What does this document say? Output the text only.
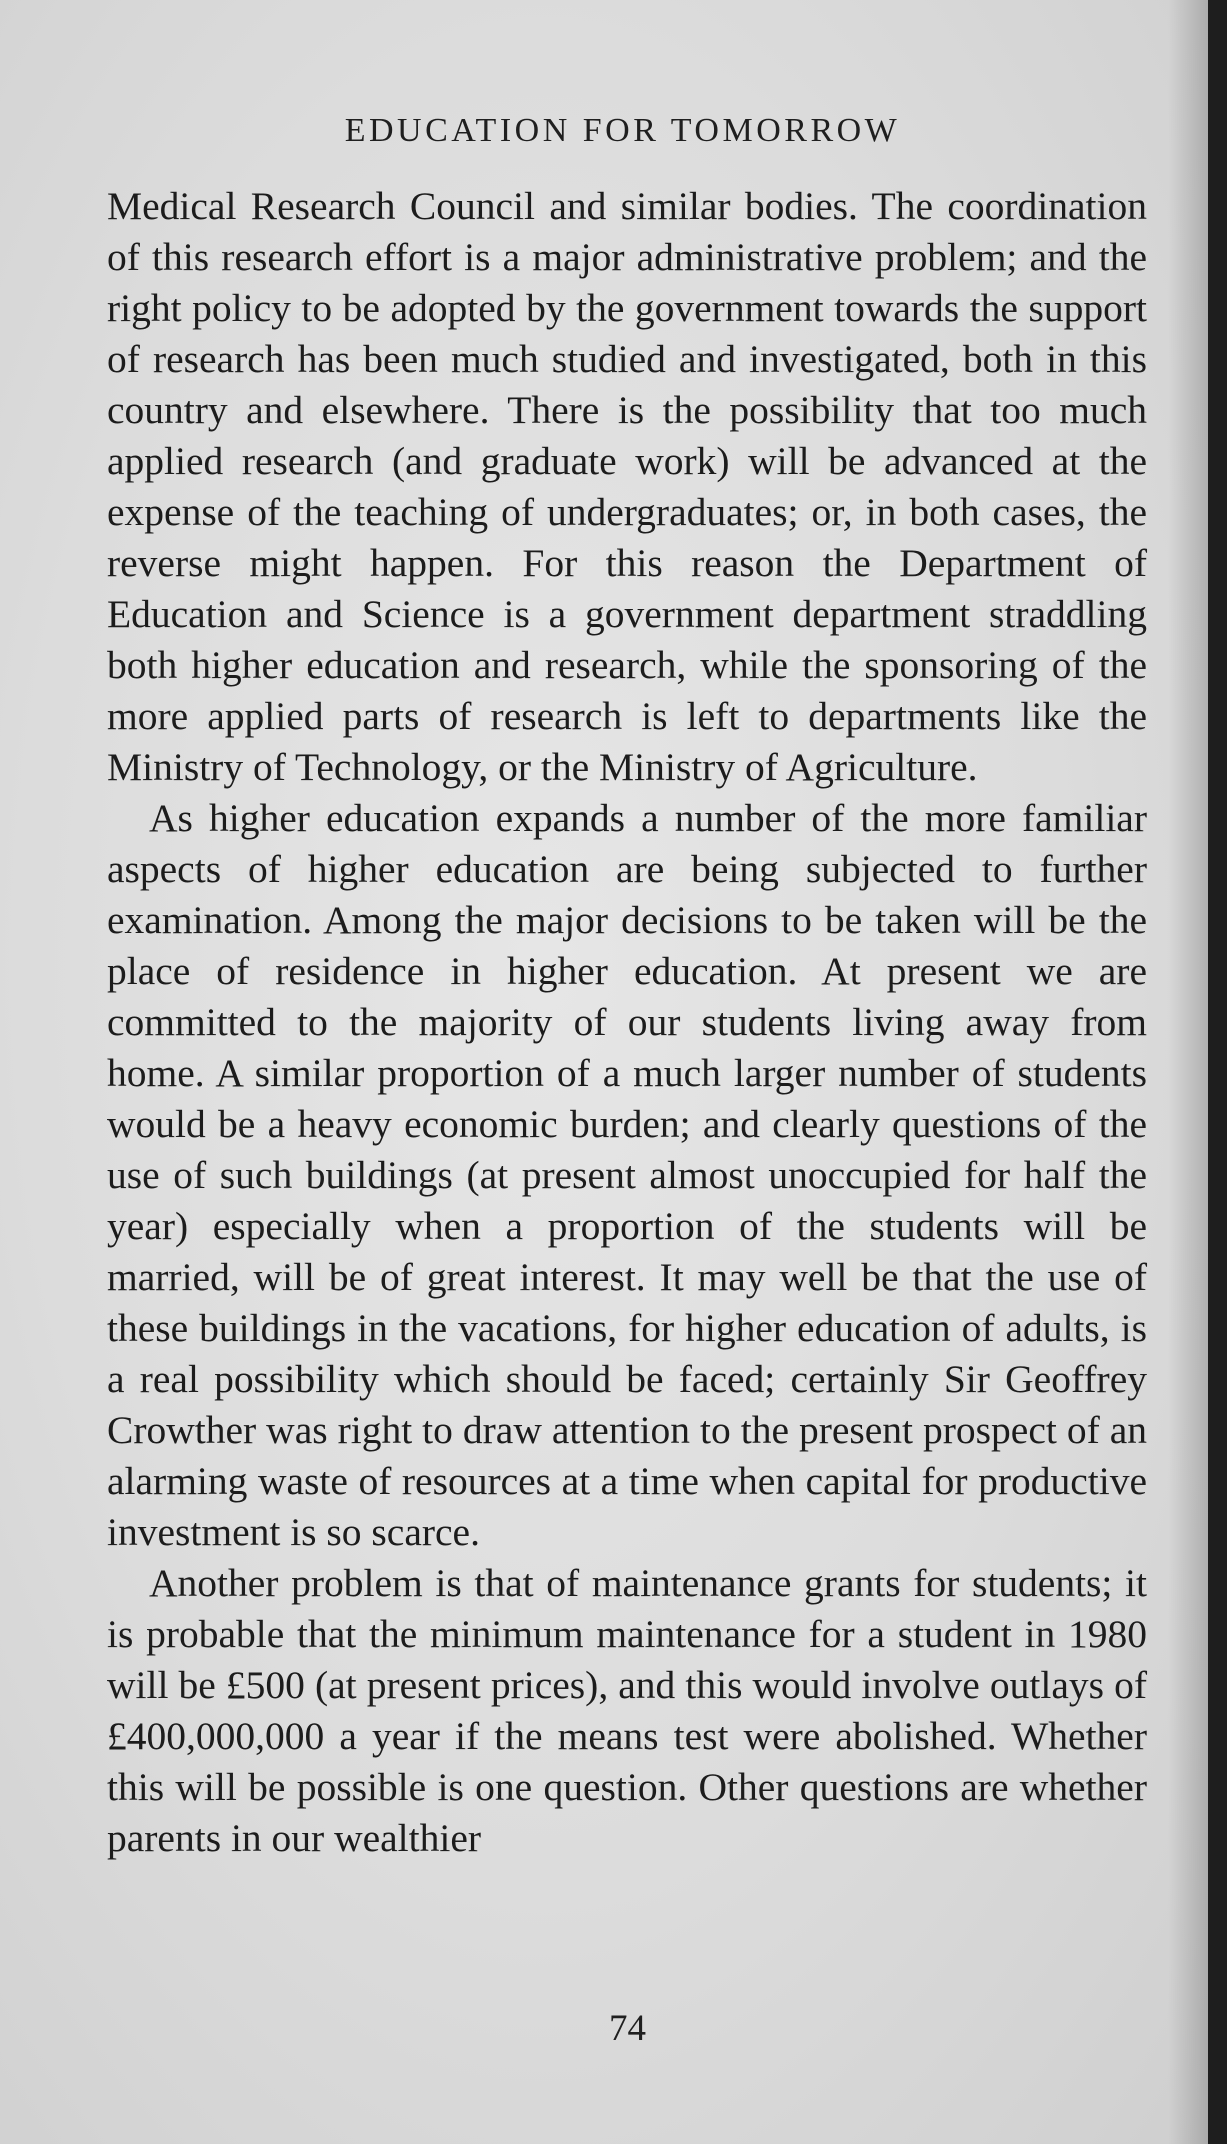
EDUCATION FOR TOMORROW

Medical Research Council and similar bodies. The coordination of this research effort is a major administrative problem; and the right policy to be adopted by the government towards the support of research has been much studied and investigated, both in this country and elsewhere. There is the possibility that too much applied research (and graduate work) will be advanced at the expense of the teaching of undergraduates; or, in both cases, the reverse might happen. For this reason the Department of Education and Science is a government department straddling both higher education and research, while the sponsoring of the more applied parts of research is left to departments like the Ministry of Technology, or the Ministry of Agriculture.

As higher education expands a number of the more familiar aspects of higher education are being subjected to further examination. Among the major decisions to be taken will be the place of residence in higher education. At present we are committed to the majority of our students living away from home. A similar proportion of a much larger number of students would be a heavy economic burden; and clearly questions of the use of such buildings (at present almost unoccupied for half the year) especially when a proportion of the students will be married, will be of great interest. It may well be that the use of these buildings in the vacations, for higher education of adults, is a real possibility which should be faced; certainly Sir Geoffrey Crowther was right to draw attention to the present prospect of an alarming waste of resources at a time when capital for productive investment is so scarce.

Another problem is that of maintenance grants for students; it is probable that the minimum maintenance for a student in 1980 will be £500 (at present prices), and this would involve outlays of £400,000,000 a year if the means test were abolished. Whether this will be possible is one question. Other questions are whether parents in our wealthier

74
